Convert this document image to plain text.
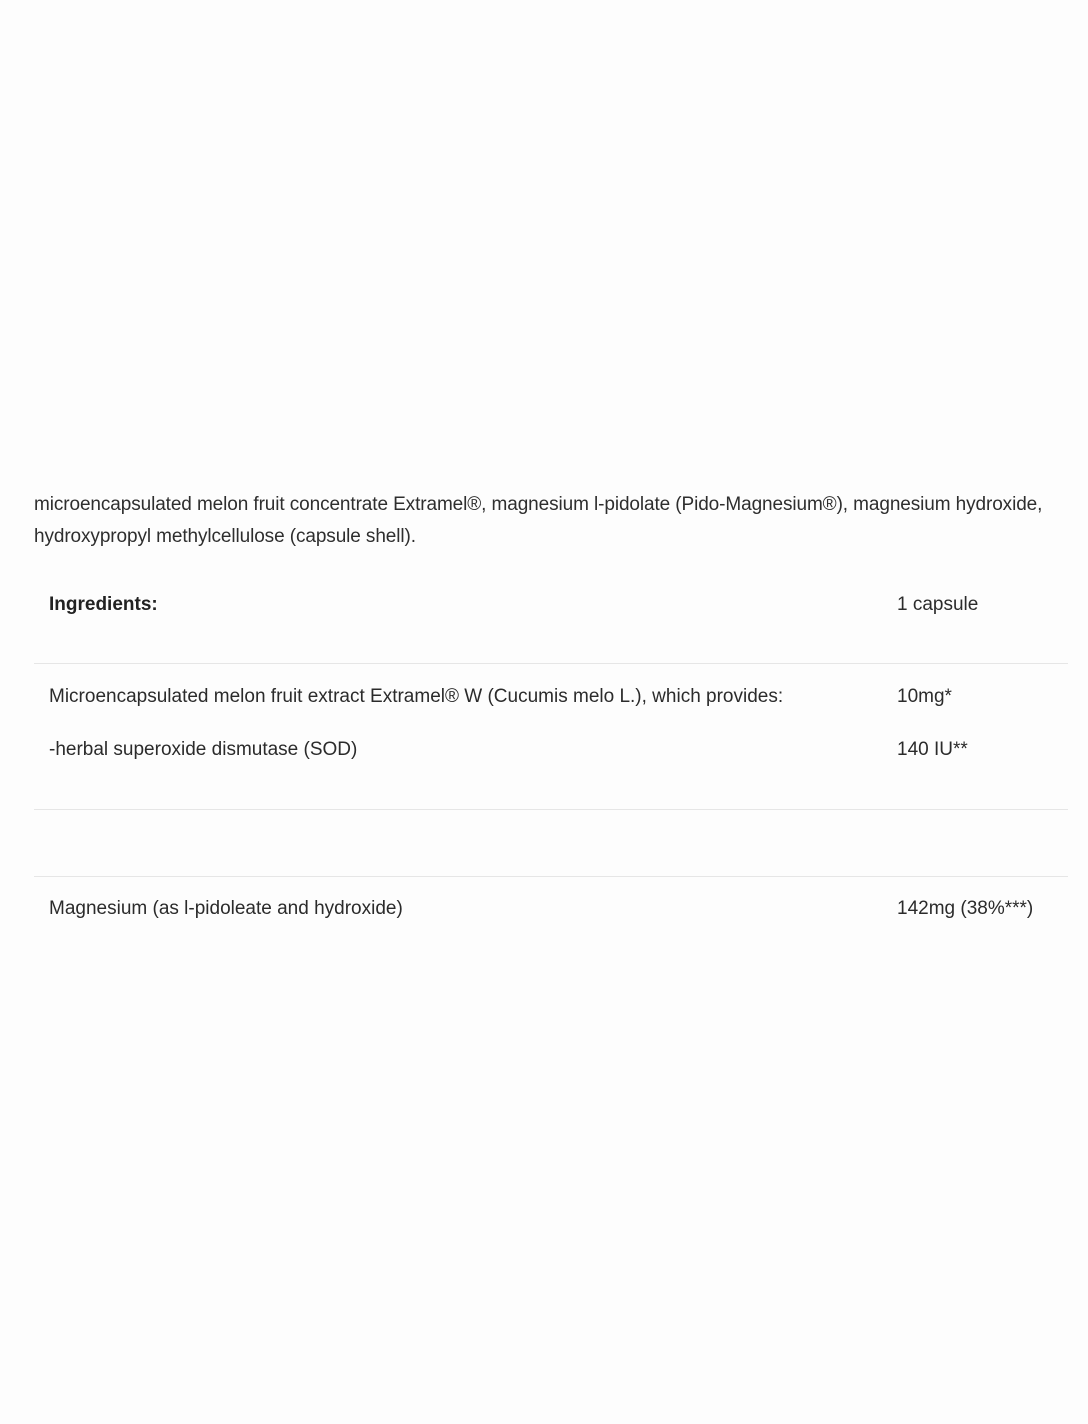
microencapsulated melon fruit concentrate Extramel®, magnesium l-pidolate (Pido-Magnesium®), magnesium hydroxide, hydroxypropyl methylcellulose (capsule shell).

Ingredients:	1 capsule
Microencapsulated melon fruit extract Extramel® W (Cucumis melo L.), which provides:	10mg*
-herbal superoxide dismutase (SOD)	140 IU**
Magnesium (as l-pidoleate and hydroxide)	142mg (38%***)
